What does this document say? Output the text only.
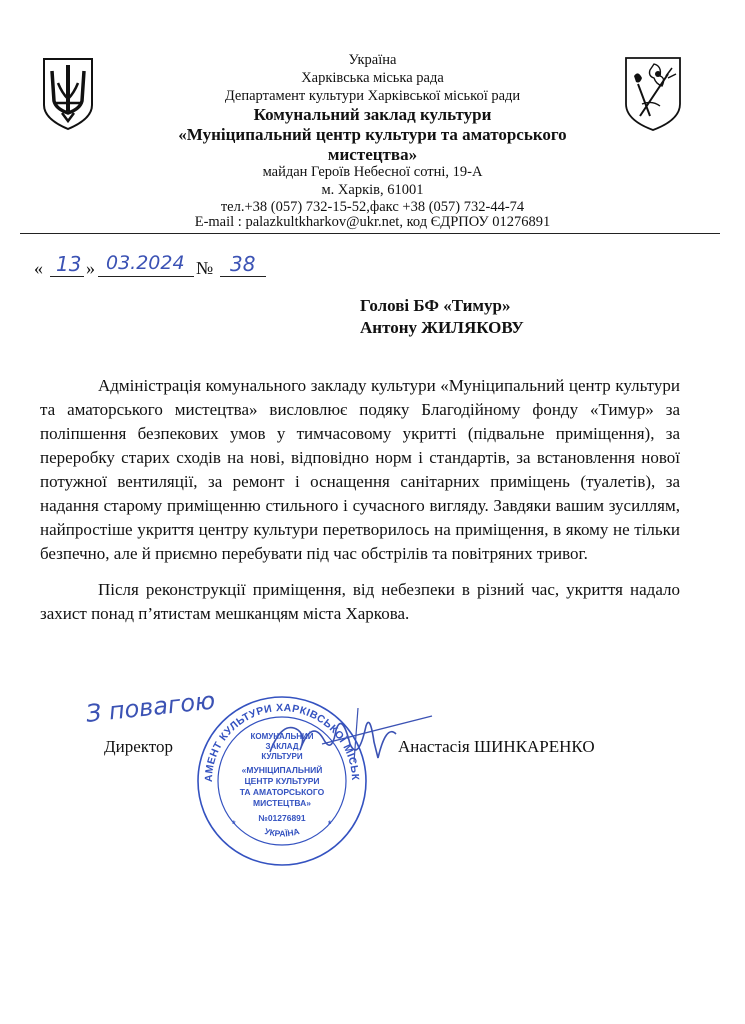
Україна
Харківська міська рада
Департамент культури Харківської міської ради
Комунальний заклад культури
«Муніципальний центр культури та аматорського
мистецтва»
майдан Героїв Небесної сотні, 19-А
м. Харків, 61001
тел.+38 (057) 732-15-52,факс +38 (057) 732-44-74
E-mail : palazkultkharkov@ukr.net, код ЄДРПОУ 01276891
« 13 » 03.2024 № 38
Голові БФ «Тимур»
Антону ЖИЛЯКОВУ

Адміністрація комунального закладу культури «Муніципальний центр культури та аматорського мистецтва» висловлює подяку Благодійному фонду «Тимур» за поліпшення безпекових умов у тимчасовому укритті (підвальне приміщення), за переробку старих сходів на нові, відповідно норм і стандартів, за встановлення нової потужної вентиляції, за ремонт і оснащення санітарних приміщень (туалетів), за надання старому приміщенню стильного і сучасного вигляду. Завдяки вашим зусиллям, найпростіше укриття центру культури перетворилось на приміщення, в якому не тільки безпечно, але й приємно перебувати під час обстрілів та повітряних тривог.

Після реконструкції приміщення, від небезпеки в різний час, укриття надало захист понад п’ятистам мешканцям міста Харкова.

З повагою
Директор	Анастасія ШИНКАРЕНКО
АМЕНТ КУЛЬТУРИ ХАРКІВСЬКОЇ МІСЬК
УКРАЇНА
КОМУНАЛЬНИЙ
ЗАКЛАД
КУЛЬТУРИ
«МУНІЦИПАЛЬНИЙ
ЦЕНТР КУЛЬТУРИ
ТА АМАТОРСЬКОГО
МИСТЕЦТВА»
№01276891
*	*
